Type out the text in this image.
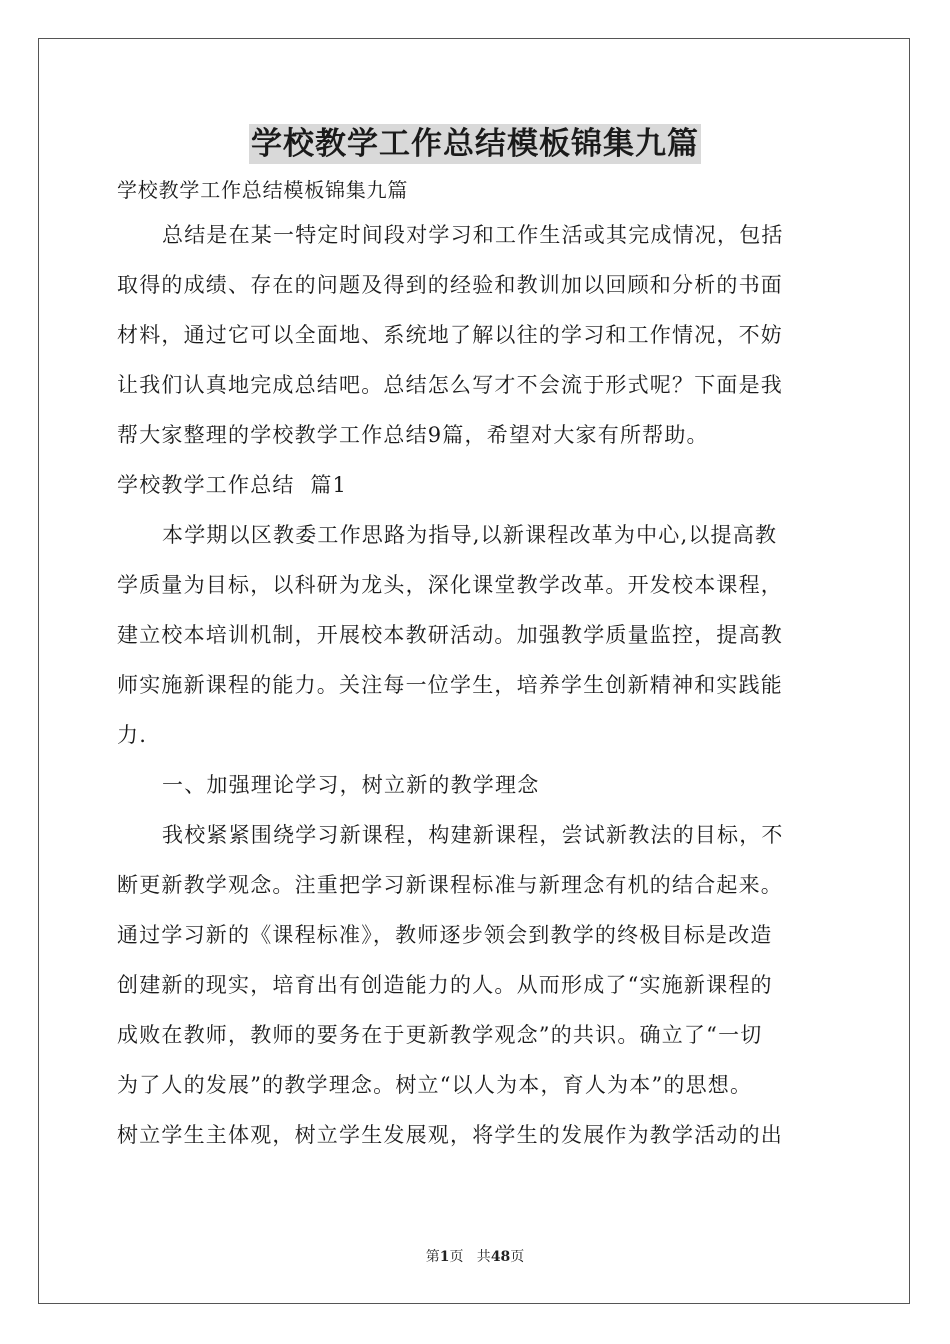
学校教学工作总结模板锦集九篇
学校教学工作总结模板锦集九篇
总结是在某一特定时间段对学习和工作生活或其完成情况，包括
取得的成绩、存在的问题及得到的经验和教训加以回顾和分析的书面
材料，通过它可以全面地、系统地了解以往的学习和工作情况，不妨
让我们认真地完成总结吧。总结怎么写才不会流于形式呢？下面是我
帮大家整理的学校教学工作总结9篇，希望对大家有所帮助。
学校教学工作总结  篇1
本学期以区教委工作思路为指导,以新课程改革为中心,以提高教
学质量为目标，以科研为龙头，深化课堂教学改革。开发校本课程，
建立校本培训机制，开展校本教研活动。加强教学质量监控，提高教
师实施新课程的能力。关注每一位学生，培养学生创新精神和实践能
力.
一、加强理论学习，树立新的教学理念
我校紧紧围绕学习新课程，构建新课程，尝试新教法的目标，不
断更新教学观念。注重把学习新课程标准与新理念有机的结合起来。
通过学习新的《课程标准》，教师逐步领会到教学的终极目标是改造
创建新的现实，培育出有创造能力的人。从而形成了“实施新课程的
成败在教师，教师的要务在于更新教学观念”的共识。确立了“一切
为了人的发展”的教学理念。树立“以人为本，育人为本”的思想。
树立学生主体观，树立学生发展观，将学生的发展作为教学活动的出
第1页   共48页
